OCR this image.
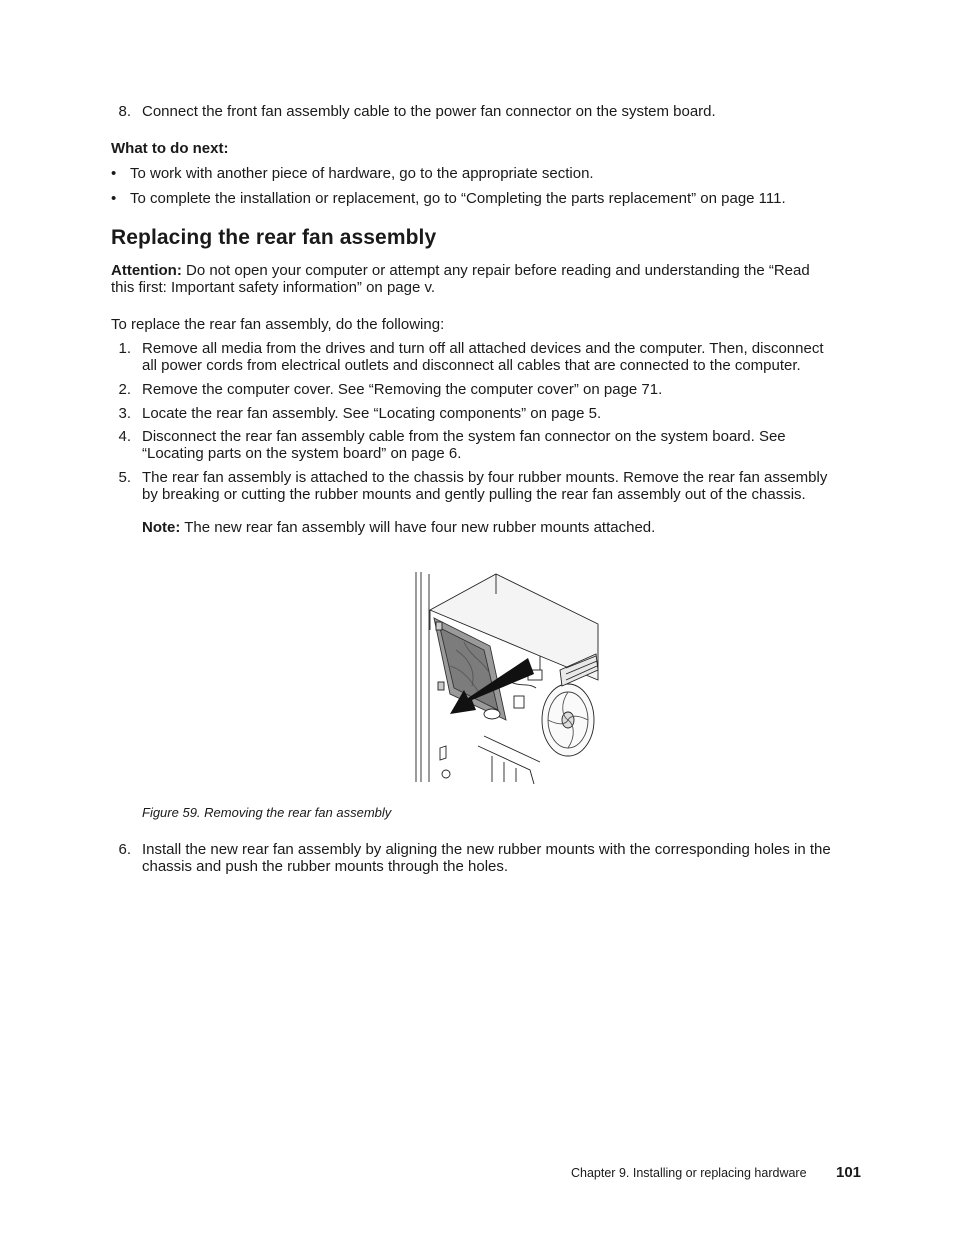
8. Connect the front fan assembly cable to the power fan connector on the system board.
What to do next:
• To work with another piece of hardware, go to the appropriate section.
• To complete the installation or replacement, go to “Completing the parts replacement” on page 111.
Replacing the rear fan assembly
Attention: Do not open your computer or attempt any repair before reading and understanding the “Read
this first: Important safety information” on page v.
To replace the rear fan assembly, do the following:
1. Remove all media from the drives and turn off all attached devices and the computer. Then, disconnect
all power cords from electrical outlets and disconnect all cables that are connected to the computer.
2. Remove the computer cover. See “Removing the computer cover” on page 71.
3. Locate the rear fan assembly. See “Locating components” on page 5.
4. Disconnect the rear fan assembly cable from the system fan connector on the system board. See
“Locating parts on the system board” on page 6.
5. The rear fan assembly is attached to the chassis by four rubber mounts. Remove the rear fan assembly
by breaking or cutting the rubber mounts and gently pulling the rear fan assembly out of the chassis.
Note: The new rear fan assembly will have four new rubber mounts attached.
Figure 59. Removing the rear fan assembly
6. Install the new rear fan assembly by aligning the new rubber mounts with the corresponding holes in the
chassis and push the rubber mounts through the holes.
Chapter 9. Installing or replacing hardware 101
